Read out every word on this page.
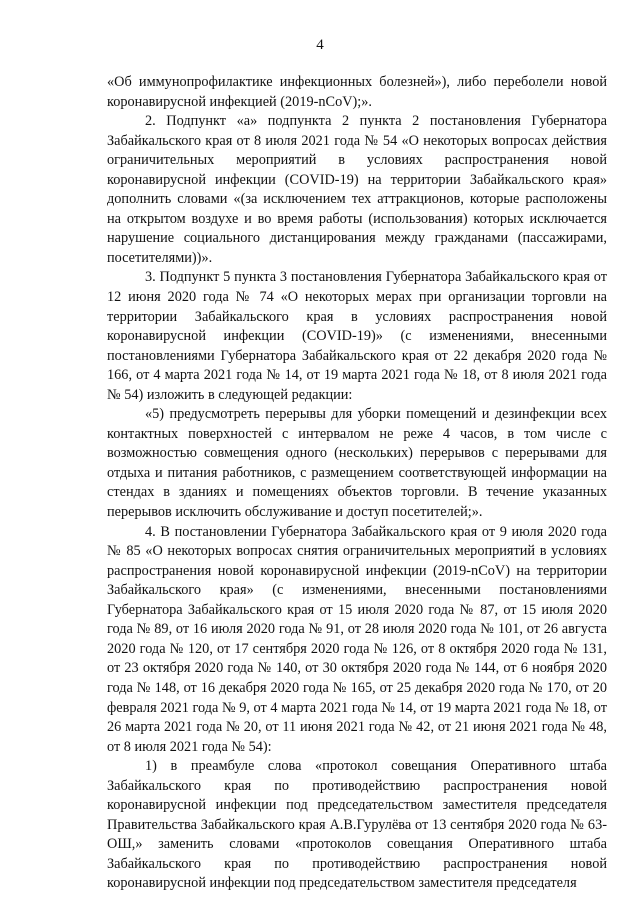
4

«Об иммунопрофилактике инфекционных болезней»), либо переболели новой коронавирусной инфекцией (2019-nCoV);».

2. Подпункт «а» подпункта 2 пункта 2 постановления Губернатора Забайкальского края от 8 июля 2021 года № 54 «О некоторых вопросах действия ограничительных мероприятий в условиях распространения новой коронавирусной инфекции (COVID-19) на территории Забайкальского края» дополнить словами «(за исключением тех аттракционов, которые расположены на открытом воздухе и во время работы (использования) которых исключается нарушение социального дистанцирования между гражданами (пассажирами, посетителями))».

3. Подпункт 5 пункта 3 постановления Губернатора Забайкальского края от 12 июня 2020 года № 74 «О некоторых мерах при организации торговли на территории Забайкальского края в условиях распространения новой коронавирусной инфекции (COVID-19)» (с изменениями, внесенными постановлениями Губернатора Забайкальского края от 22 декабря 2020 года № 166, от 4 марта 2021 года № 14, от 19 марта 2021 года № 18, от 8 июля 2021 года № 54) изложить в следующей редакции:

«5) предусмотреть перерывы для уборки помещений и дезинфекции всех контактных поверхностей с интервалом не реже 4 часов, в том числе с возможностью совмещения одного (нескольких) перерывов с перерывами для отдыха и питания работников, с размещением соответствующей информации на стендах в зданиях и помещениях объектов торговли. В течение указанных перерывов исключить обслуживание и доступ посетителей;».

4. В постановлении Губернатора Забайкальского края от 9 июля 2020 года № 85 «О некоторых вопросах снятия ограничительных мероприятий в условиях распространения новой коронавирусной инфекции (2019-nCoV) на территории Забайкальского края» (с изменениями, внесенными постановлениями Губернатора Забайкальского края от 15 июля 2020 года № 87, от 15 июля 2020 года № 89, от 16 июля 2020 года № 91, от 28 июля 2020 года № 101, от 26 августа 2020 года № 120, от 17 сентября 2020 года № 126, от 8 октября 2020 года № 131, от 23 октября 2020 года № 140, от 30 октября 2020 года № 144, от 6 ноября 2020 года № 148, от 16 декабря 2020 года № 165, от 25 декабря 2020 года № 170, от 20 февраля 2021 года № 9, от 4 марта 2021 года № 14, от 19 марта 2021 года № 18, от 26 марта 2021 года № 20, от 11 июня 2021 года № 42, от 21 июня 2021 года № 48, от 8 июля 2021 года № 54):

1) в преамбуле слова «протокол совещания Оперативного штаба Забайкальского края по противодействию распространения новой коронавирусной инфекции под председательством заместителя председателя Правительства Забайкальского края А.В.Гурулёва от 13 сентября 2020 года № 63-ОШ,» заменить словами «протоколов совещания Оперативного штаба Забайкальского края по противодействию распространения новой коронавирусной инфекции под председательством заместителя председателя
